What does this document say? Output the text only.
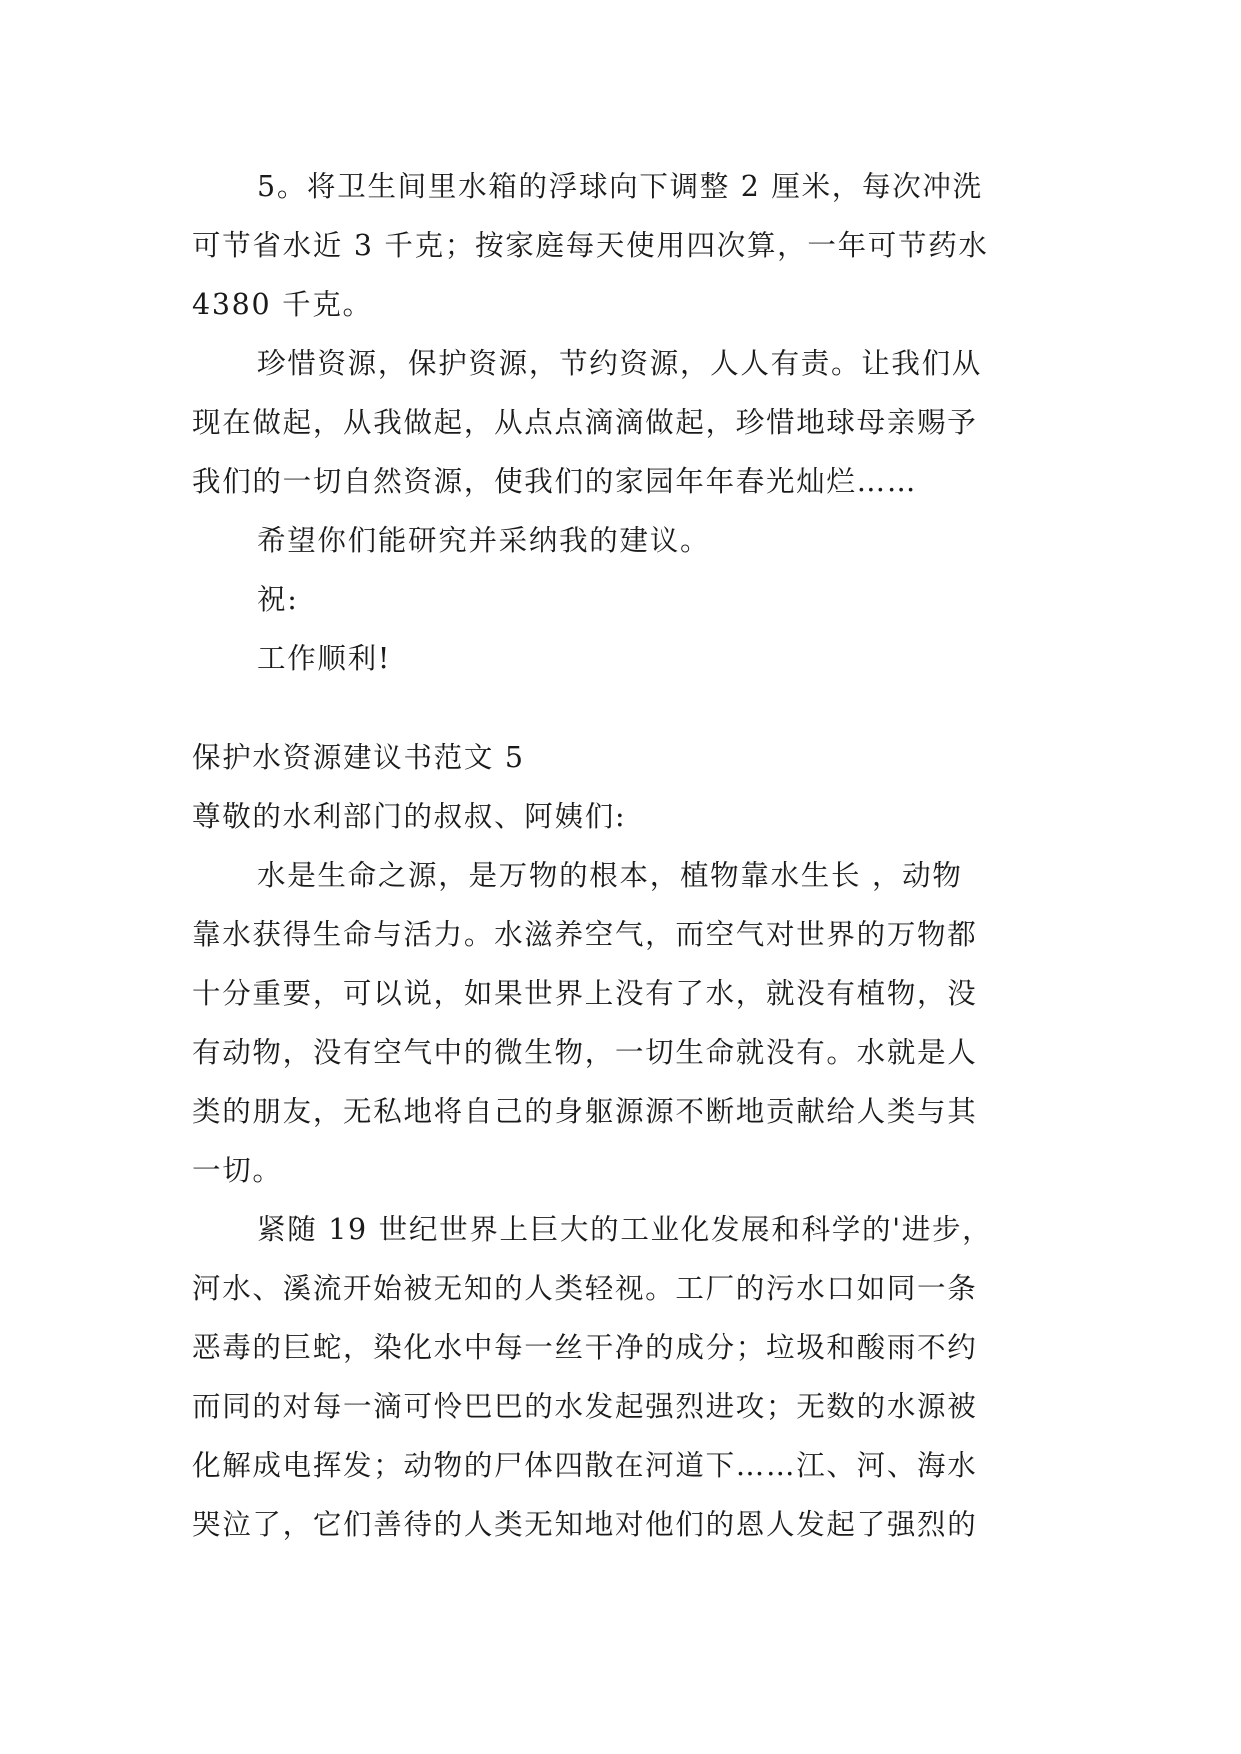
5。将卫生间里水箱的浮球向下调整 2 厘米，每次冲洗
可节省水近 3 千克；按家庭每天使用四次算，一年可节药水
4380 千克。
珍惜资源，保护资源，节约资源，人人有责。让我们从
现在做起，从我做起，从点点滴滴做起，珍惜地球母亲赐予
我们的一切自然资源，使我们的家园年年春光灿烂……
希望你们能研究并采纳我的建议。
祝:
工作顺利!
保护水资源建议书范文 5
尊敬的水利部门的叔叔、阿姨们:
水是生命之源，是万物的根本，植物靠水生长 ，动物
靠水获得生命与活力。水滋养空气，而空气对世界的万物都
十分重要，可以说，如果世界上没有了水，就没有植物，没
有动物，没有空气中的微生物，一切生命就没有。水就是人
类的朋友，无私地将自己的身躯源源不断地贡献给人类与其
一切。
紧随 19 世纪世界上巨大的工业化发展和科学的'进步，
河水、溪流开始被无知的人类轻视。工厂的污水口如同一条
恶毒的巨蛇，染化水中每一丝干净的成分；垃圾和酸雨不约
而同的对每一滴可怜巴巴的水发起强烈进攻；无数的水源被
化解成电挥发；动物的尸体四散在河道下……江、河、海水
哭泣了，它们善待的人类无知地对他们的恩人发起了强烈的
